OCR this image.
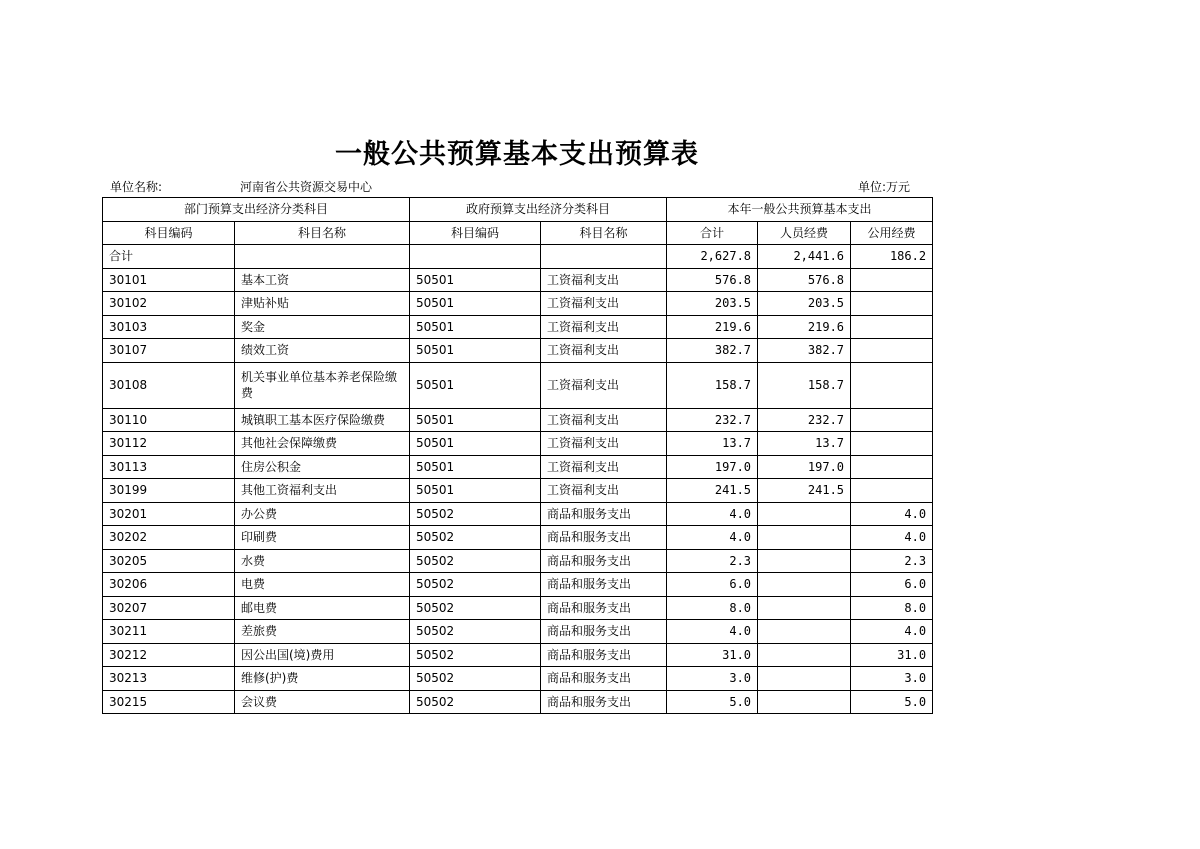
一般公共预算基本支出预算表
单位名称:	河南省公共资源交易中心	单位:万元
部门预算支出经济分类科目		政府预算支出经济分类科目		本年一般公共预算基本支出		
科目编码	科目名称	科目编码	科目名称	合计	人员经费	公用经费
合计				2,627.8	2,441.6	186.2
30101	基本工资	50501	工资福利支出	576.8	576.8	
30102	津贴补贴	50501	工资福利支出	203.5	203.5	
30103	奖金	50501	工资福利支出	219.6	219.6	
30107	绩效工资	50501	工资福利支出	382.7	382.7	
30108	机关事业单位基本养老保险缴费	50501	工资福利支出	158.7	158.7	
30110	城镇职工基本医疗保险缴费	50501	工资福利支出	232.7	232.7	
30112	其他社会保障缴费	50501	工资福利支出	13.7	13.7	
30113	住房公积金	50501	工资福利支出	197.0	197.0	
30199	其他工资福利支出	50501	工资福利支出	241.5	241.5	
30201	办公费	50502	商品和服务支出	4.0		4.0
30202	印刷费	50502	商品和服务支出	4.0		4.0
30205	水费	50502	商品和服务支出	2.3		2.3
30206	电费	50502	商品和服务支出	6.0		6.0
30207	邮电费	50502	商品和服务支出	8.0		8.0
30211	差旅费	50502	商品和服务支出	4.0		4.0
30212	因公出国(境)费用	50502	商品和服务支出	31.0		31.0
30213	维修(护)费	50502	商品和服务支出	3.0		3.0
30215	会议费	50502	商品和服务支出	5.0		5.0
